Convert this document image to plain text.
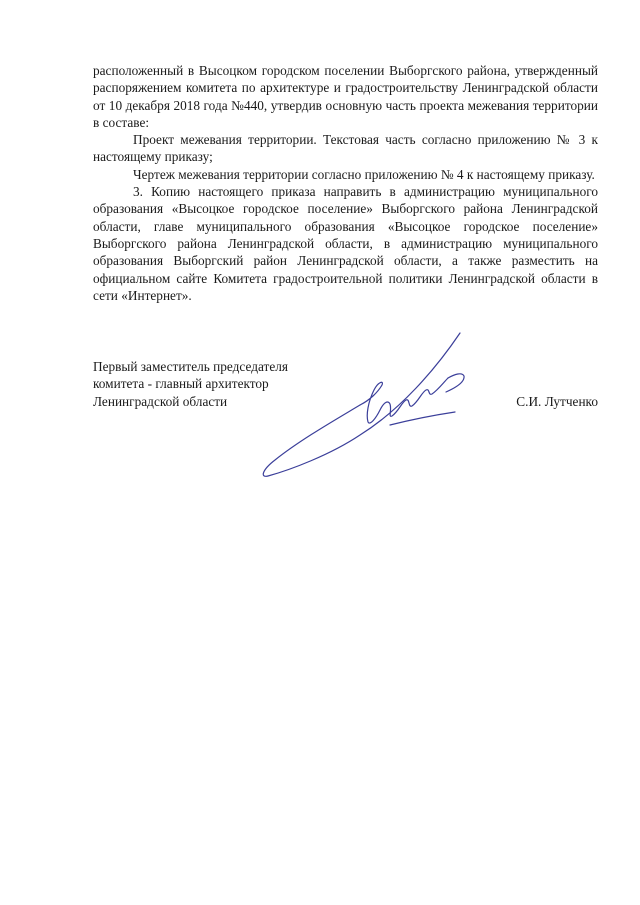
расположенный в Высоцком городском поселении Выборгского района, утвержденный распоряжением комитета по архитектуре и градостроительству Ленинградской области от 10 декабря 2018 года №440, утвердив основную часть проекта межевания территории в составе:

Проект межевания территории. Текстовая часть согласно приложению № 3 к настоящему приказу;

Чертеж межевания территории согласно приложению № 4 к настоящему приказу.

3. Копию настоящего приказа направить в администрацию муниципального образования «Высоцкое городское поселение» Выборгского района Ленинградской области, главе муниципального образования «Высоцкое городское поселение» Выборгского района Ленинградской области, в администрацию муниципального образования Выборгский район Ленинградской области, а также разместить на официальном сайте Комитета градостроительной политики Ленинградской области в сети «Интернет».

Первый заместитель председателя
комитета - главный архитектор
Ленинградской области	С.И. Лутченко
